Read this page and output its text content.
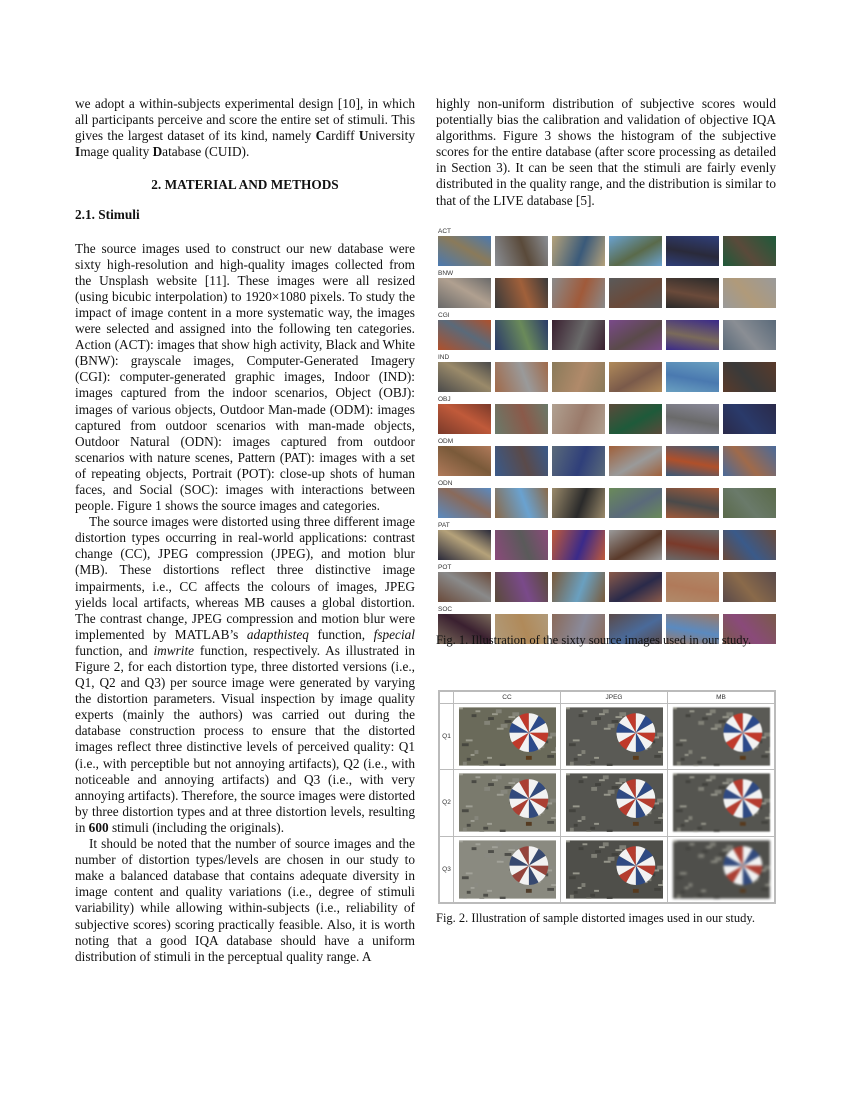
we adopt a within-subjects experimental design [10], in which all participants perceive and score the entire set of stimuli. This gives the largest dataset of its kind, namely Cardiff University Image quality Database (CUID).

2. MATERIAL AND METHODS
2.1. Stimuli

The source images used to construct our new database were sixty high-resolution and high-quality images collected from the Unsplash website [11]. These images were all resized (using bicubic interpolation) to 1920×1080 pixels. To study the impact of image content in a more systematic way, the images were selected and assigned into the following ten categories. Action (ACT): images that show high activity, Black and White (BNW): grayscale images, Computer-Generated Imagery (CGI): computer-generated graphic images, Indoor (IND): images captured from the indoor scenarios, Object (OBJ): images of various objects, Outdoor Man-made (ODM): images captured from outdoor scenarios with man-made objects, Outdoor Natural (ODN): images captured from outdoor scenarios with nature scenes, Pattern (PAT): images with a set of repeating objects, Portrait (POT): close-up shots of human faces, and Social (SOC): images with interactions between people. Figure 1 shows the source images and categories.

The source images were distorted using three different image distortion types occurring in real-world applications: contrast change (CC), JPEG compression (JPEG), and motion blur (MB). These distortions reflect three distinctive image impairments, i.e., CC affects the colours of images, JPEG yields local artifacts, whereas MB causes a global distortion. The contrast change, JPEG compression and motion blur were implemented by MATLAB’s adapthisteq function, fspecial function, and imwrite function, respectively. As illustrated in Figure 2, for each distortion type, three distorted versions (i.e., Q1, Q2 and Q3) per source image were generated by varying the distortion parameters. Visual inspection by image quality experts (mainly the authors) was carried out during the database construction process to ensure that the distorted images reflect three distinctive levels of perceived quality: Q1 (i.e., with perceptible but not annoying artifacts), Q2 (i.e., with noticeable and annoying artifacts) and Q3 (i.e., with very annoying artifacts). Therefore, the source images were distorted by three distortion types and at three distortion levels, resulting in 600 stimuli (including the originals).

It should be noted that the number of source images and the number of distortion types/levels are chosen in our study to make a balanced database that contains adequate diversity in image content and quality variations (i.e., degree of stimuli variability) while allowing within-subjects (i.e., reliability of subjective scores) scoring practically feasible. Also, it is worth noting that a good IQA database should have a uniform distribution of stimuli in the perceptual quality range. A

highly non-uniform distribution of subjective scores would potentially bias the calibration and validation of objective IQA algorithms. Figure 3 shows the histogram of the subjective scores for the entire database (after score processing as detailed in Section 3). It can be seen that the stimuli are fairly evenly distributed in the quality range, and the distribution is similar to that of the LIVE database [5].

ACT
BNW
CGI
IND
OBJ
ODM
ODN
PAT
POT
SOC
Fig. 1. Illustration of the sixty source images used in our study.
	CC	JPEG	MB
Q1	

Q2	

Q3	

Fig. 2. Illustration of sample distorted images used in our study.
